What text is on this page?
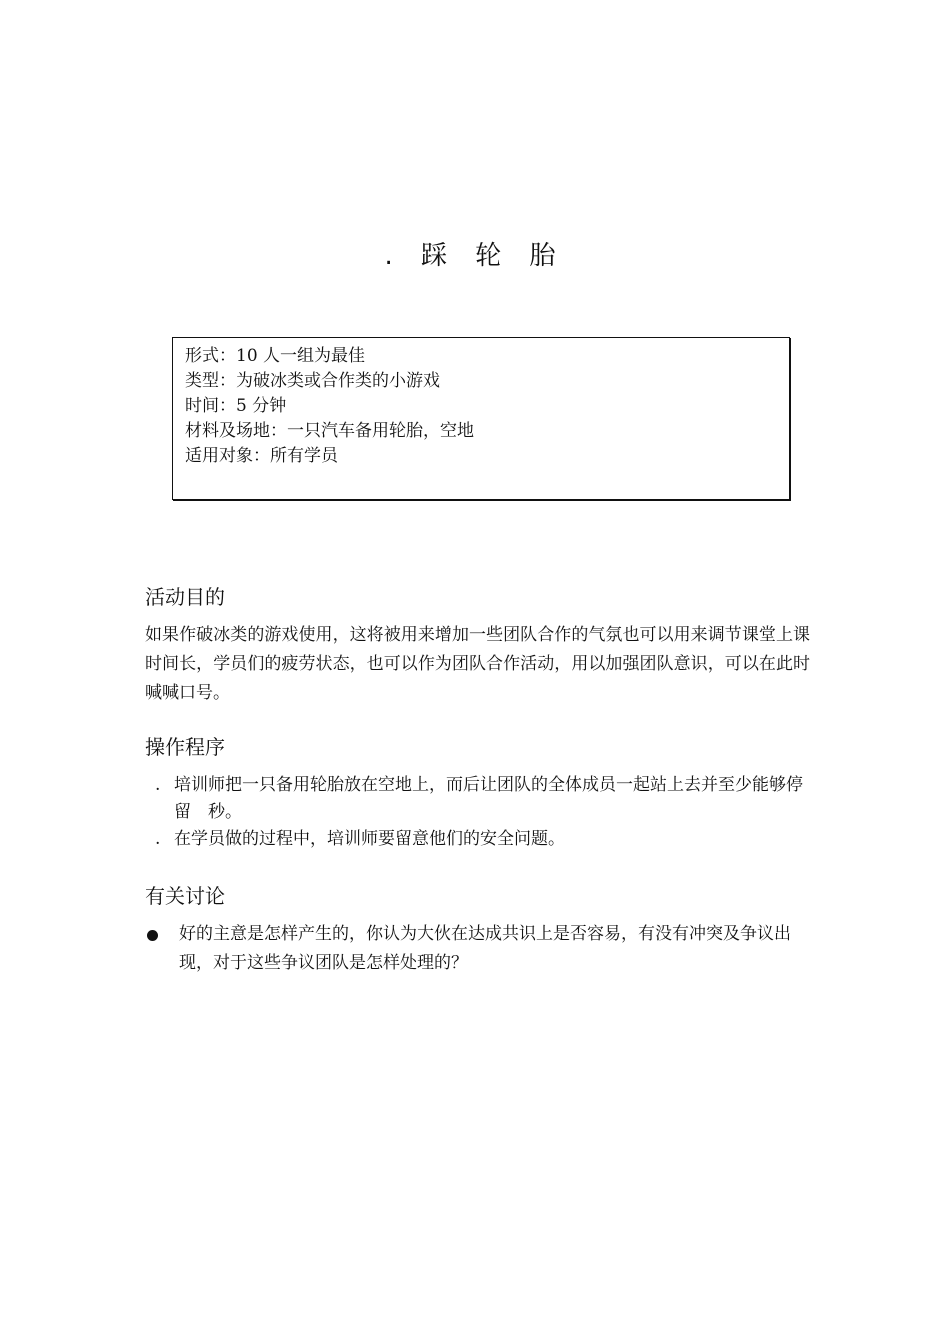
. 踩 轮 胎
形式：10 人一组为最佳
类型：为破冰类或合作类的小游戏
时间：5 分钟
材料及场地：一只汽车备用轮胎，空地
适用对象：所有学员
活动目的
如果作破冰类的游戏使用，这将被用来增加一些团队合作的气氛也可以用来调节课堂上课时间长，学员们的疲劳状态，也可以作为团队合作活动，用以加强团队意识，可以在此时喊喊口号。
操作程序
. 培训师把一只备用轮胎放在空地上，而后让团队的全体成员一起站上去并至少能够停留　秒。
. 在学员做的过程中，培训师要留意他们的安全问题。
有关讨论
好的主意是怎样产生的，你认为大伙在达成共识上是否容易，有没有冲突及争议出现，对于这些争议团队是怎样处理的？
